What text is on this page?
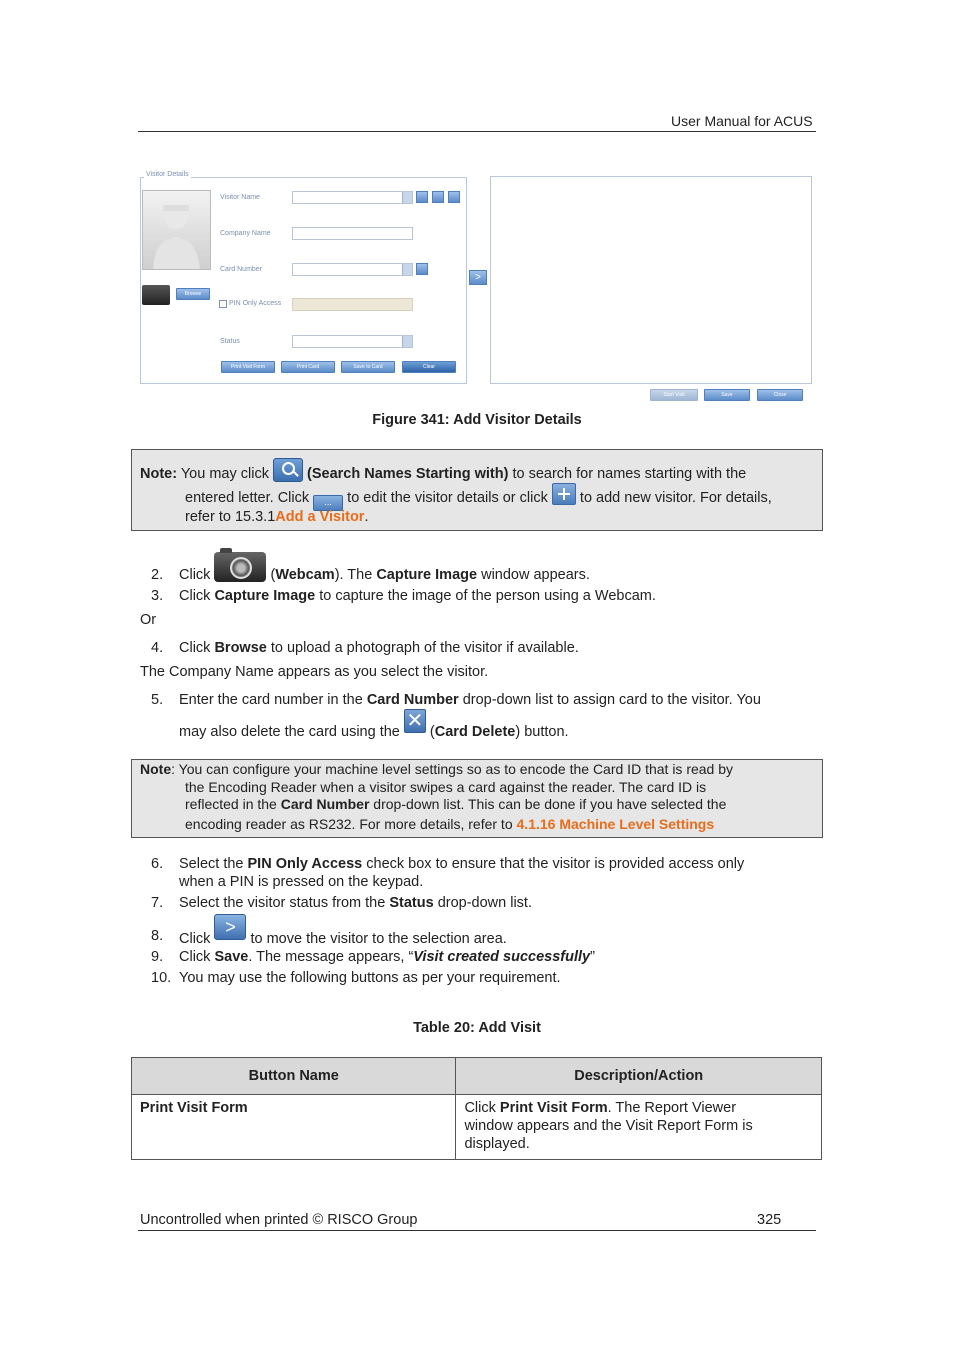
User Manual for ACUS
Visitor Details
Browse
Visitor Name
Company Name
Card Number
PIN Only Access
Status
Print Visit Form	Print Card	Save to Card	Clear
>
Start Visit	Save	Close
Figure 341: Add Visitor Details
Note: You may click  (Search Names Starting with) to search for names starting with the
entered letter. Click ... to edit the visitor details or click  to add new visitor. For details,
refer to 15.3.1Add a Visitor.
2. Click	(Webcam). The Capture Image window appears.
3. Click Capture Image to capture the image of the person using a Webcam.
Or
4. Click Browse to upload a photograph of the visitor if available.
The Company Name appears as you select the visitor.
5. Enter the card number in the Card Number drop-down list to assign card to the visitor. You
may also delete the card using the ✕ (Card Delete) button.
Note: You can configure your machine level settings so as to encode the Card ID that is read by
the Encoding Reader when a visitor swipes a card against the reader. The card ID is
reflected in the Card Number drop-down list. This can be done if you have selected the
encoding reader as RS232. For more details, refer to 4.1.16 Machine Level Settings
6. Select the PIN Only Access check box to ensure that the visitor is provided access only
when a PIN is pressed on the keypad.
7. Select the visitor status from the Status drop-down list.
8. Click > to move the visitor to the selection area.
9. Click Save. The message appears, “Visit created successfully”
10. You may use the following buttons as per your requirement.
Table 20: Add Visit
Button Name	Description/Action
Print Visit Form	Click Print Visit Form. The Report Viewer
window appears and the Visit Report Form is
displayed.
Uncontrolled when printed © RISCO Group	325
